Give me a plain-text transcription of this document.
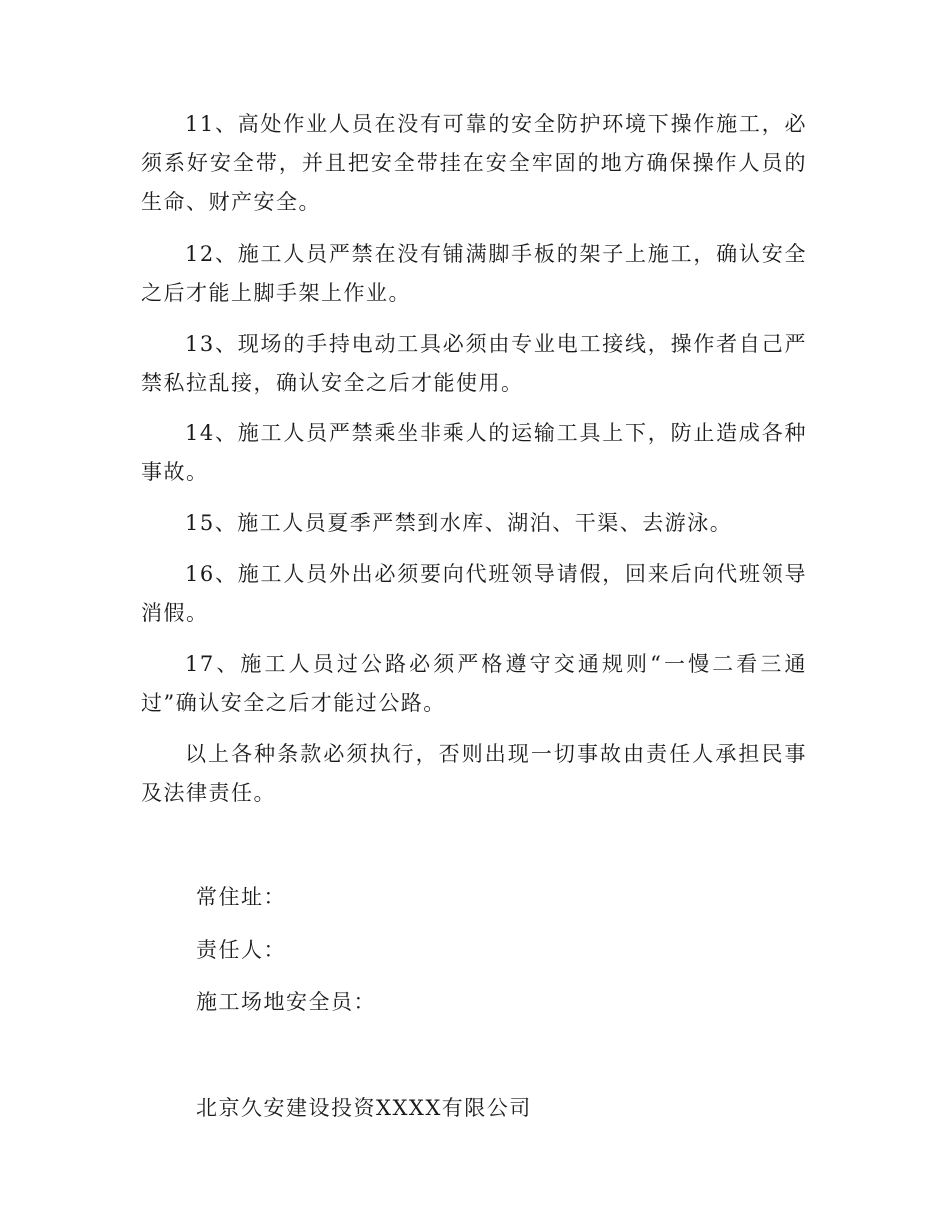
11、高处作业人员在没有可靠的安全防护环境下操作施工，必须系好安全带，并且把安全带挂在安全牢固的地方确保操作人员的生命、财产安全。

12、施工人员严禁在没有铺满脚手板的架子上施工，确认安全之后才能上脚手架上作业。

13、现场的手持电动工具必须由专业电工接线，操作者自己严禁私拉乱接，确认安全之后才能使用。

14、施工人员严禁乘坐非乘人的运输工具上下，防止造成各种事故。

15、施工人员夏季严禁到水库、湖泊、干渠、去游泳。

16、施工人员外出必须要向代班领导请假，回来后向代班领导消假。

17、施工人员过公路必须严格遵守交通规则“一慢二看三通过”确认安全之后才能过公路。

以上各种条款必须执行，否则出现一切事故由责任人承担民事及法律责任。

常住址：

责任人：

施工场地安全员：

北京久安建设投资XXXX有限公司
